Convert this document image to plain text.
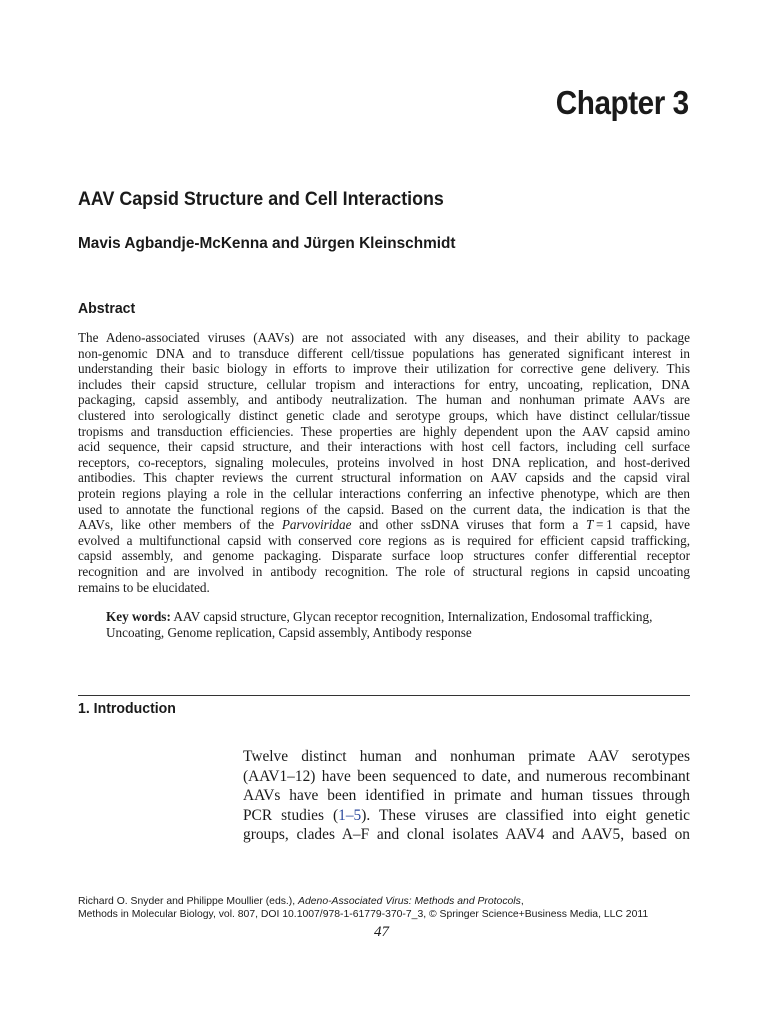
Chapter 3
AAV Capsid Structure and Cell Interactions
Mavis Agbandje-McKenna and Jürgen Kleinschmidt
Abstract
The Adeno-associated viruses (AAVs) are not associated with any diseases, and their ability to package
non-genomic DNA and to transduce different cell/tissue populations has generated significant interest in
understanding their basic biology in efforts to improve their utilization for corrective gene delivery. This
includes their capsid structure, cellular tropism and interactions for entry, uncoating, replication, DNA
packaging, capsid assembly, and antibody neutralization. The human and nonhuman primate AAVs are
clustered into serologically distinct genetic clade and serotype groups, which have distinct cellular/tissue
tropisms and transduction efficiencies. These properties are highly dependent upon the AAV capsid amino
acid sequence, their capsid structure, and their interactions with host cell factors, including cell surface
receptors, co-receptors, signaling molecules, proteins involved in host DNA replication, and host-derived
antibodies. This chapter reviews the current structural information on AAV capsids and the capsid viral
protein regions playing a role in the cellular interactions conferring an infective phenotype, which are then
used to annotate the functional regions of the capsid. Based on the current data, the indication is that the
AAVs, like other members of the Parvoviridae and other ssDNA viruses that form a T = 1 capsid, have
evolved a multifunctional capsid with conserved core regions as is required for efficient capsid trafficking,
capsid assembly, and genome packaging. Disparate surface loop structures confer differential receptor
recognition and are involved in antibody recognition. The role of structural regions in capsid uncoating
remains to be elucidated.
Key words: AAV capsid structure, Glycan receptor recognition, Internalization, Endosomal trafficking,
Uncoating, Genome replication, Capsid assembly, Antibody response
1. Introduction
Twelve distinct human and nonhuman primate AAV serotypes
(AAV1–12) have been sequenced to date, and numerous recombinant
AAVs have been identified in primate and human tissues through
PCR studies (1–5). These viruses are classified into eight genetic
groups, clades A–F and clonal isolates AAV4 and AAV5, based on
Richard O. Snyder and Philippe Moullier (eds.), Adeno-Associated Virus: Methods and Protocols,
Methods in Molecular Biology, vol. 807, DOI 10.1007/978-1-61779-370-7_3, © Springer Science+Business Media, LLC 2011
47
